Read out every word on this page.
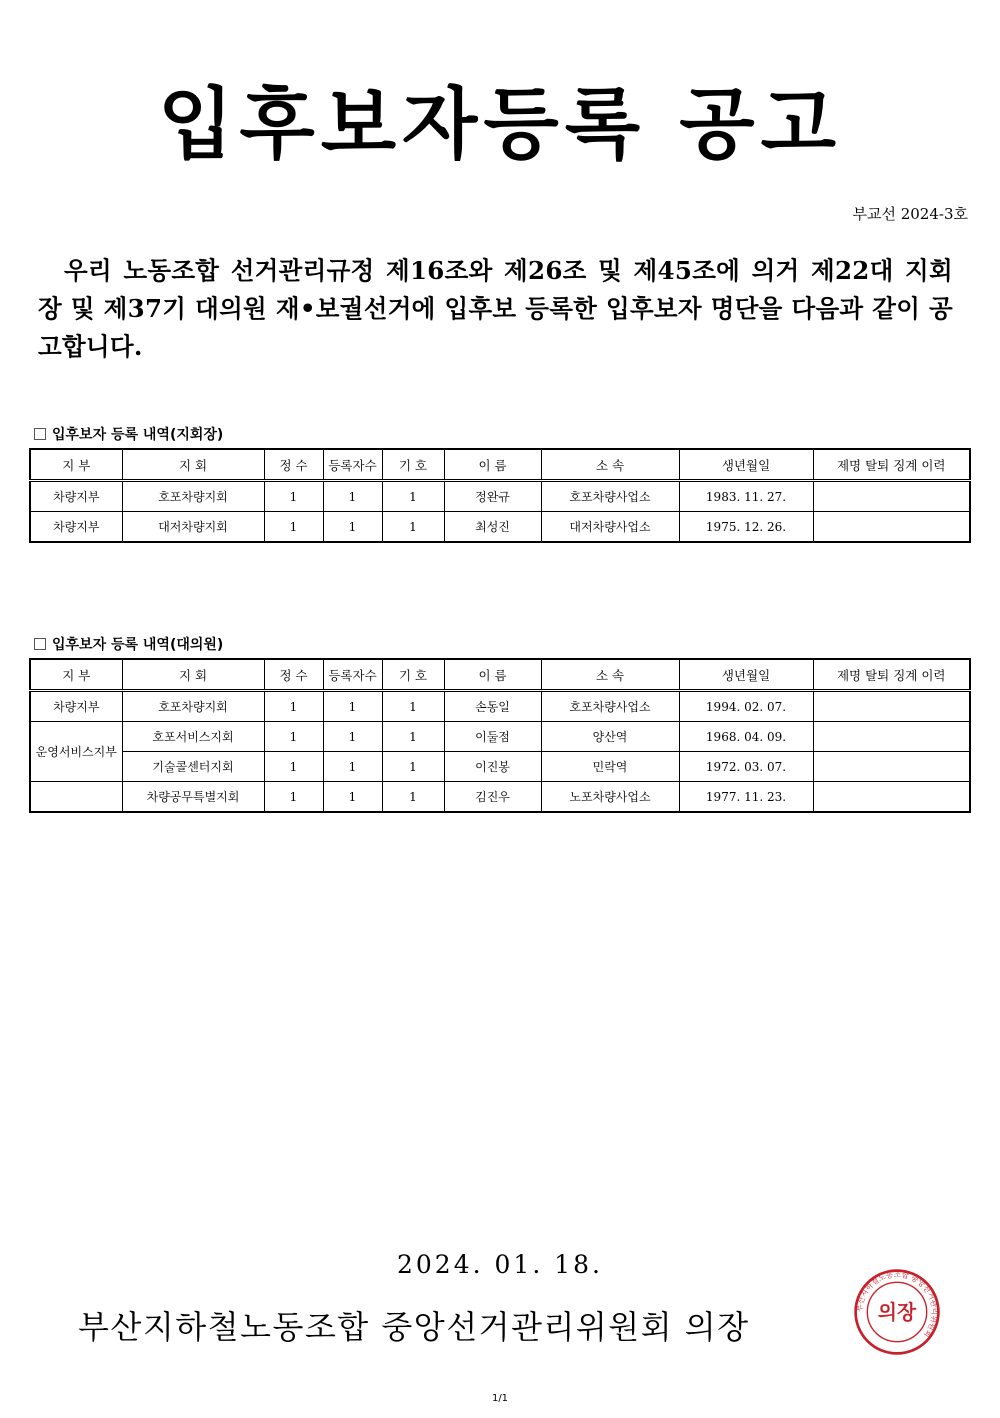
입후보자등록 공고
부교선 2024-3호
우리 노동조합 선거관리규정 제16조와 제26조 및 제45조에 의거 제22대 지회장 및 제37기 대의원 재•보궐선거에 입후보 등록한 입후보자 명단을 다음과 같이 공고합니다.
입후보자 등록 내역(지회장)
지 부	지 회	정 수	등록자수	기 호	이 름	소 속	생년월일	제명 탈퇴 징계 이력
차량지부	호포차량지회	1	1	1	정완규	호포차량사업소	1983. 11. 27.	
차량지부	대저차량지회	1	1	1	최성진	대저차량사업소	1975. 12. 26.	
입후보자 등록 내역(대의원)
지 부	지 회	정 수	등록자수	기 호	이 름	소 속	생년월일	제명 탈퇴 징계 이력
차량지부	호포차량지회	1	1	1	손동일	호포차량사업소	1994. 02. 07.	
운영서비스지부	호포서비스지회	1	1	1	이둘점	양산역	1968. 04. 09.	
	기술콜센터지회	1	1	1	이진봉	민락역	1972. 03. 07.	
	차량공무특별지회	1	1	1	김진우	노포차량사업소	1977. 11. 23.	
2024. 01. 18.
부산지하철노동조합 중앙선거관리위원회 의장	부산지하철노동조합 중앙선거관리위원회
의장
1/1
